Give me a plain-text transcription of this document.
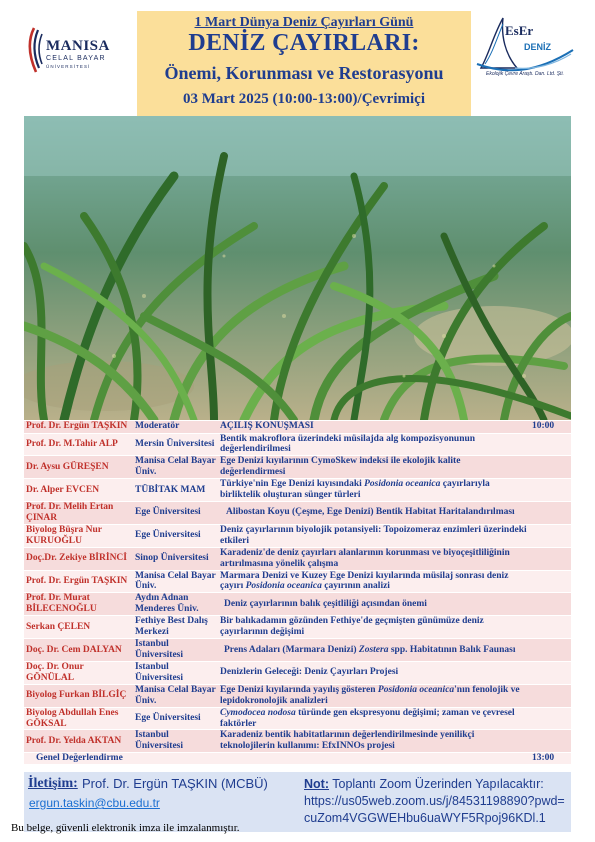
MANISA
CELAL BAYAR
ÜNİVERSİTESİ
1 Mart Dünya Deniz Çayırları Günü
DENİZ ÇAYIRLARI:
Önemi, Korunması ve Restorasyonu
03 Mart 2025 (10:00-13:00)/Çevrimiçi
EsEr
DENİZ
Ekolojik Çevre Araştı. Dan. Ltd. Şti.
Prof. Dr. Ergün TAŞKIN	Moderatör	AÇILIŞ KONUŞMASI	10:00
Prof. Dr. M.Tahir ALP	Mersin Üniversitesi	Bentik makroflora üzerindeki müsilajda alg kompozisyonunun değerlendirilmesi	
Dr. Aysu GÜREŞEN	Manisa Celal Bayar Üniv.	Ege Denizi kıyılarının CymoSkew indeksi ile ekolojik kalite değerlendirmesi	
Dr. Alper EVCEN	TÜBİTAK MAM	Türkiye'nin Ege Denizi kıyısındaki Posidonia oceanica çayırlarıyla birliktelik oluşturan sünger türleri	
Prof. Dr. Melih Ertan ÇINAR	Ege Üniversitesi	Alibostan Koyu (Çeşme, Ege Denizi) Bentik Habitat Haritalandırılması	
Biyolog Büşra Nur KURUOĞLU	Ege Üniversitesi	Deniz çayırlarının biyolojik potansiyeli: Topoizomeraz enzimleri üzerindeki etkileri	
Doç.Dr. Zekiye BİRİNCİ	Sinop Üniversitesi	Karadeniz'de deniz çayırları alanlarının korunması ve biyoçeşitliliğinin artırılmasına yönelik çalışma	
Prof. Dr. Ergün TAŞKIN	Manisa Celal Bayar Üniv.	Marmara Denizi ve Kuzey Ege Denizi kıyılarında müsilaj sonrası deniz çayırı Posidonia oceanica çayırının analizi	
Prof. Dr. Murat BİLECENOĞLU	Aydın Adnan Menderes Üniv.	Deniz çayırlarının balık çeşitliliği açısından önemi	
Serkan ÇELEN	Fethiye Best Dalış Merkezi	Bir balıkadamın gözünden Fethiye'de geçmişten günümüze deniz çayırlarının değişimi	
Doç. Dr. Cem DALYAN	İstanbul Üniversitesi	Prens Adaları (Marmara Denizi) Zostera spp. Habitatının Balık Faunası	
Doç. Dr. Onur GÖNÜLAL	İstanbul Üniversitesi	Denizlerin Geleceği: Deniz Çayırları Projesi	
Biyolog Furkan BİLGİÇ	Manisa Celal Bayar Üniv.	Ege Denizi kıyılarında yayılış gösteren Posidonia oceanica'nın fenolojik ve lepidokronolojik analizleri	
Biyolog Abdullah Enes GÖKSAL	Ege Üniversitesi	Cymodocea nodosa türünde gen ekspresyonu değişimi; zaman ve çevresel faktörler	
Prof. Dr. Yelda AKTAN	İstanbul Üniversitesi	Karadeniz bentik habitatlarının değerlendirilmesinde yenilikçi teknolojilerin kullanımı: EfxINNOs projesi	
Genel Değerlendirme			13:00
İletişim: Prof. Dr. Ergün TAŞKIN (MCBÜ)
ergun.taskin@cbu.edu.tr
Not: Toplantı Zoom Üzerinden Yapılacaktır:
https://us05web.zoom.us/j/84531198890?pwd=cuZom4VGGWEHbu6uaWYF5Rpoj96KDl.1
Bu belge, güvenli elektronik imza ile imzalanmıştır.
